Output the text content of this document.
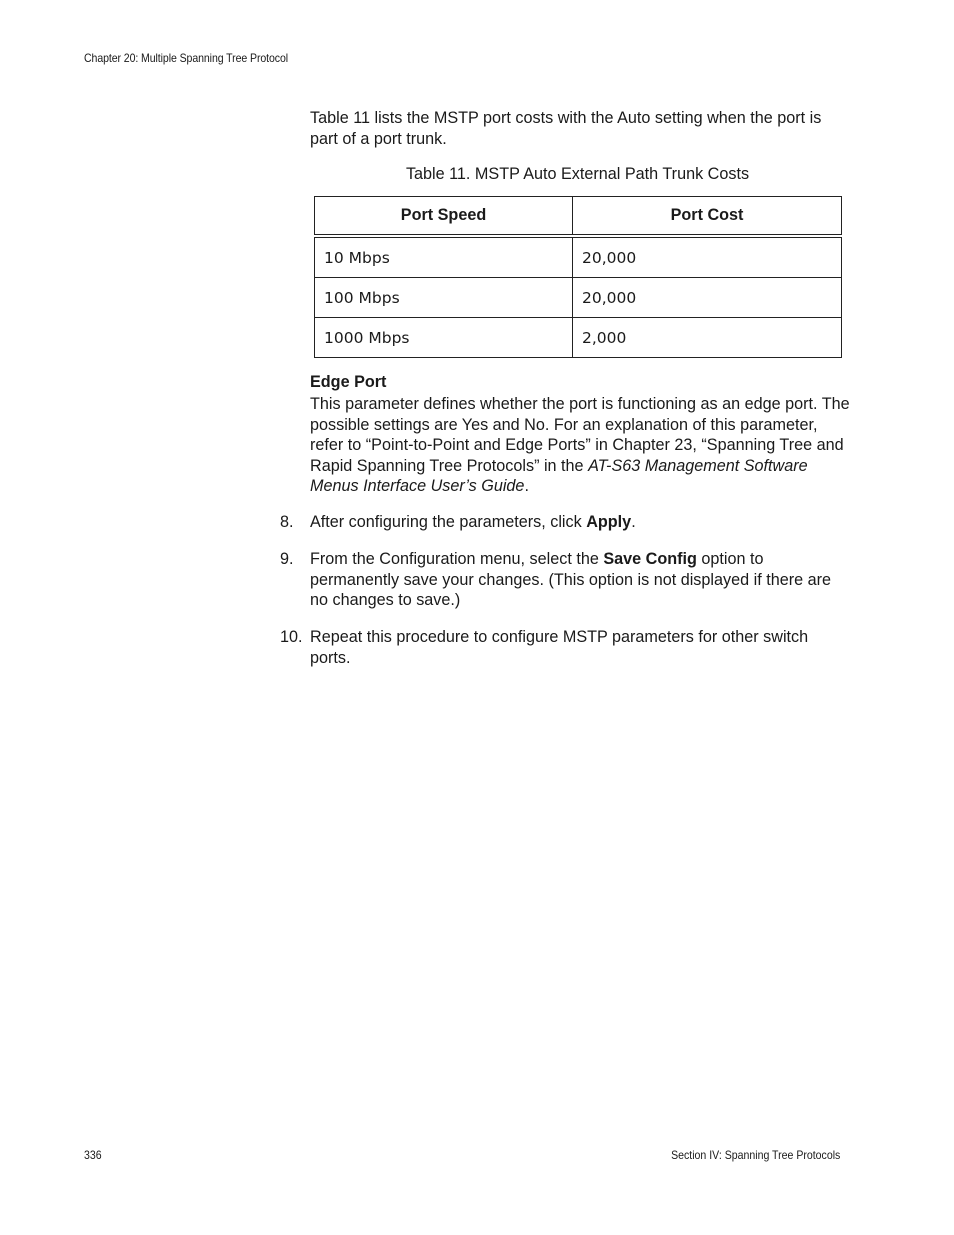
Chapter 20: Multiple Spanning Tree Protocol
Table 11 lists the MSTP port costs with the Auto setting when the port is part of a port trunk.
Table 11. MSTP Auto External Path Trunk Costs
Port Speed	Port Cost
10 Mbps	20,000
100 Mbps	20,000
1000 Mbps	2,000
Edge Port
This parameter defines whether the port is functioning as an edge port. The possible settings are Yes and No. For an explanation of this parameter, refer to “Point-to-Point and Edge Ports” in Chapter 23, “Spanning Tree and Rapid Spanning Tree Protocols” in the AT-S63 Management Software Menus Interface User’s Guide.
8. After configuring the parameters, click Apply.
9. From the Configuration menu, select the Save Config option to permanently save your changes. (This option is not displayed if there are no changes to save.)
10. Repeat this procedure to configure MSTP parameters for other switch ports.
336	Section IV: Spanning Tree Protocols
